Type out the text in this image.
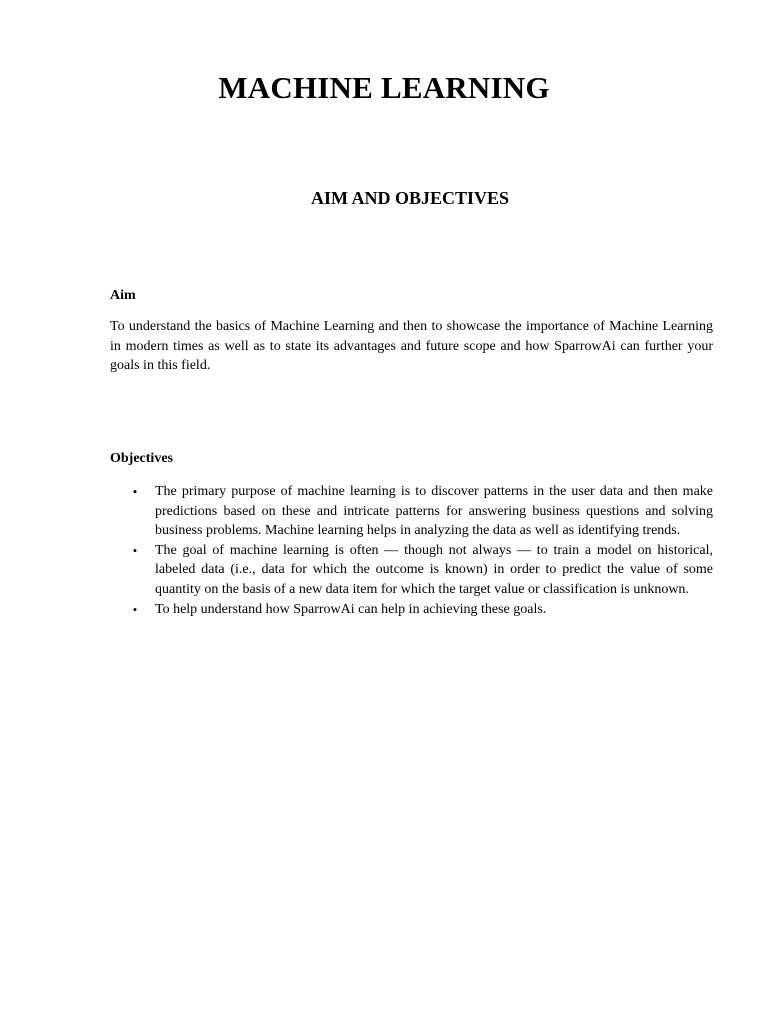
MACHINE LEARNING
AIM AND OBJECTIVES

Aim

To understand the basics of Machine Learning and then to showcase the importance of Machine Learning in modern times as well as to state its advantages and future scope and how SparrowAi can further your goals in this field.

Objectives

• The primary purpose of machine learning is to discover patterns in the user data and then make predictions based on these and intricate patterns for answering business questions and solving business problems. Machine learning helps in analyzing the data as well as identifying trends.
• The goal of machine learning is often — though not always — to train a model on historical, labeled data (i.e., data for which the outcome is known) in order to predict the value of some quantity on the basis of a new data item for which the target value or classification is unknown.
• To help understand how SparrowAi can help in achieving these goals.
